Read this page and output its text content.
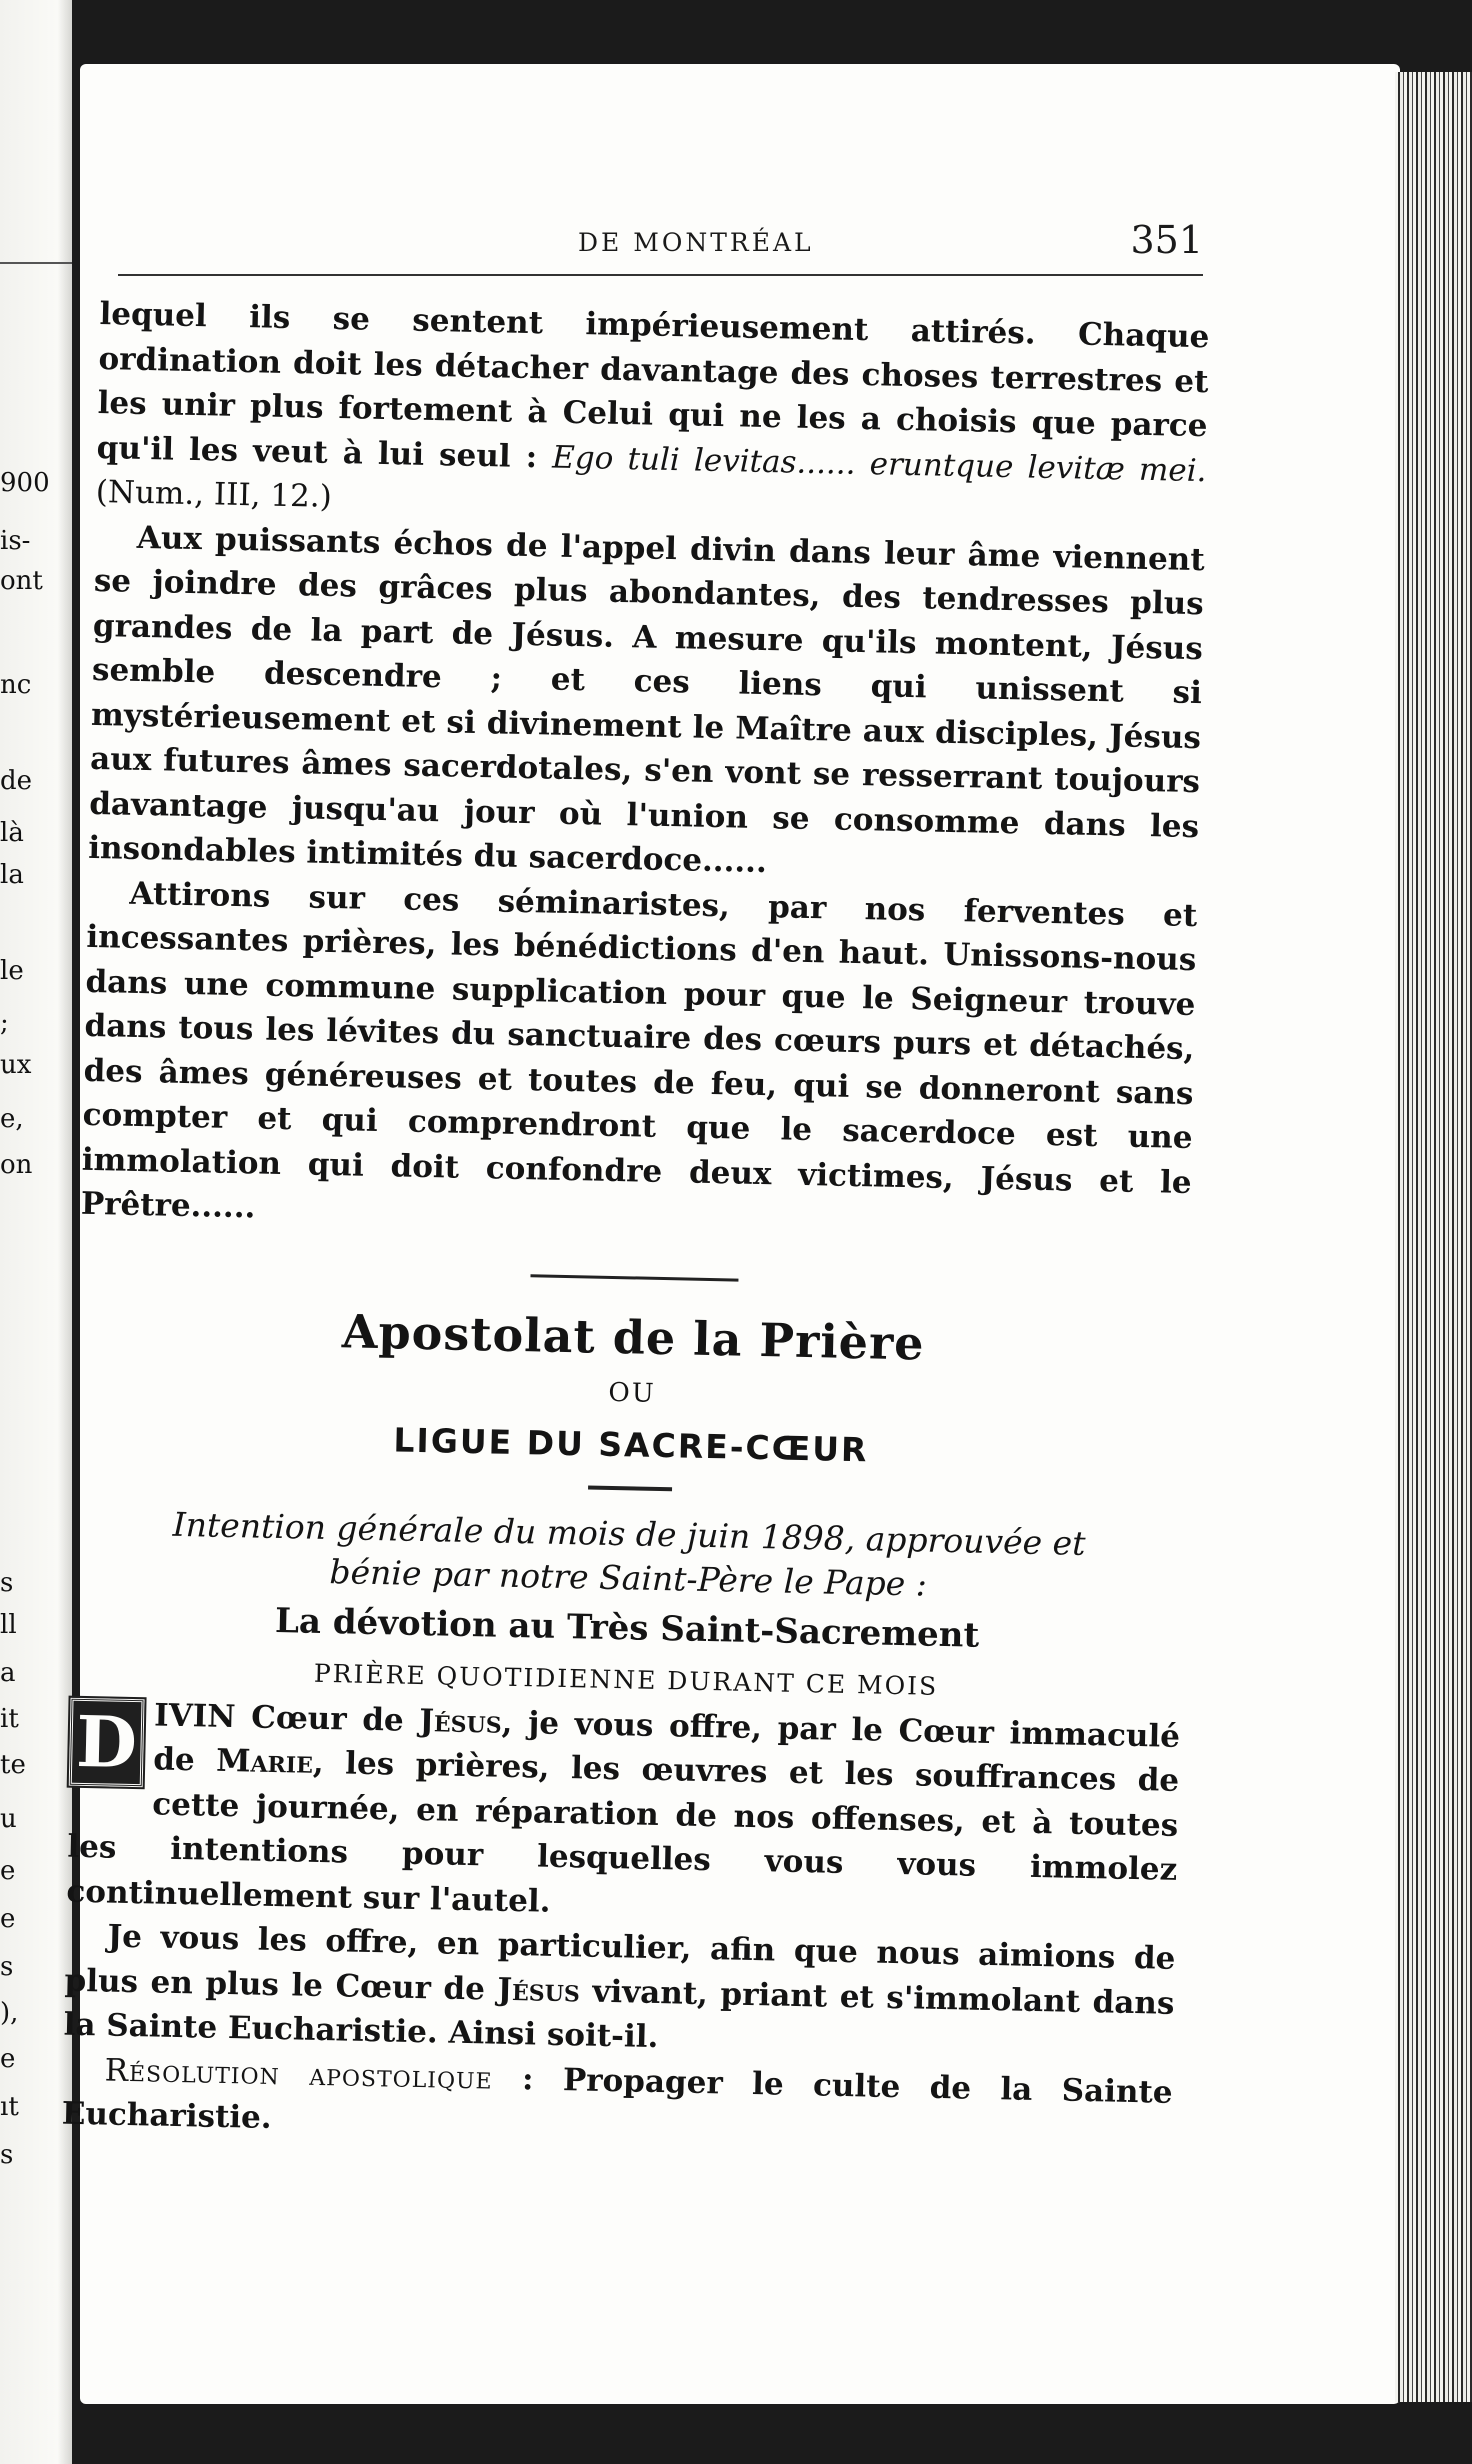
900
is-
ont
nc
de
là
la
le
;
ux
e,
on
s
ll
a
it
te
u
e
e
s
),
e
ıt
s
DE MONTRÉAL	351

lequel ils se sentent impérieusement attirés. Chaque ordination doit les détacher davantage des choses terrestres et les unir plus fortement à Celui qui ne les a choisis que parce qu'il les veut à lui seul : Ego tuli levitas...... eruntque levitæ mei. (Num., III, 12.)

Aux puissants échos de l'appel divin dans leur âme viennent se joindre des grâces plus abondantes, des tendresses plus grandes de la part de Jésus. A mesure qu'ils montent, Jésus semble descendre ; et ces liens qui unissent si mystérieusement et si divinement le Maître aux disciples, Jésus aux futures âmes sacerdotales, s'en vont se resserrant toujours davantage jusqu'au jour où l'union se consomme dans les insondables intimités du sacerdoce......

Attirons sur ces séminaristes, par nos ferventes et incessantes prières, les bénédictions d'en haut. Unissons-nous dans une commune supplication pour que le Seigneur trouve dans tous les lévites du sanctuaire des cœurs purs et détachés, des âmes généreuses et toutes de feu, qui se donneront sans compter et qui comprendront que le sacerdoce est une immolation qui doit confondre deux victimes, Jésus et le Prêtre......

Apostolat de la Prière
OU
LIGUE DU SACRE-CŒUR
Intention générale du mois de juin 1898, approuvée et
bénie par notre Saint-Père le Pape :
La dévotion au Très Saint-Sacrement
PRIÈRE QUOTIDIENNE DURANT CE MOIS

D IVIN Cœur de Jésus, je vous offre, par le Cœur immaculé de Marie, les prières, les œuvres et les souffrances de cette journée, en réparation de nos offenses, et à toutes les intentions pour lesquelles vous vous immolez continuellement sur l'autel.

Je vous les offre, en particulier, afin que nous aimions de plus en plus le Cœur de Jésus vivant, priant et s'immolant dans la Sainte Eucharistie. Ainsi soit-il.

Résolution apostolique : Propager le culte de la Sainte Eucharistie.
